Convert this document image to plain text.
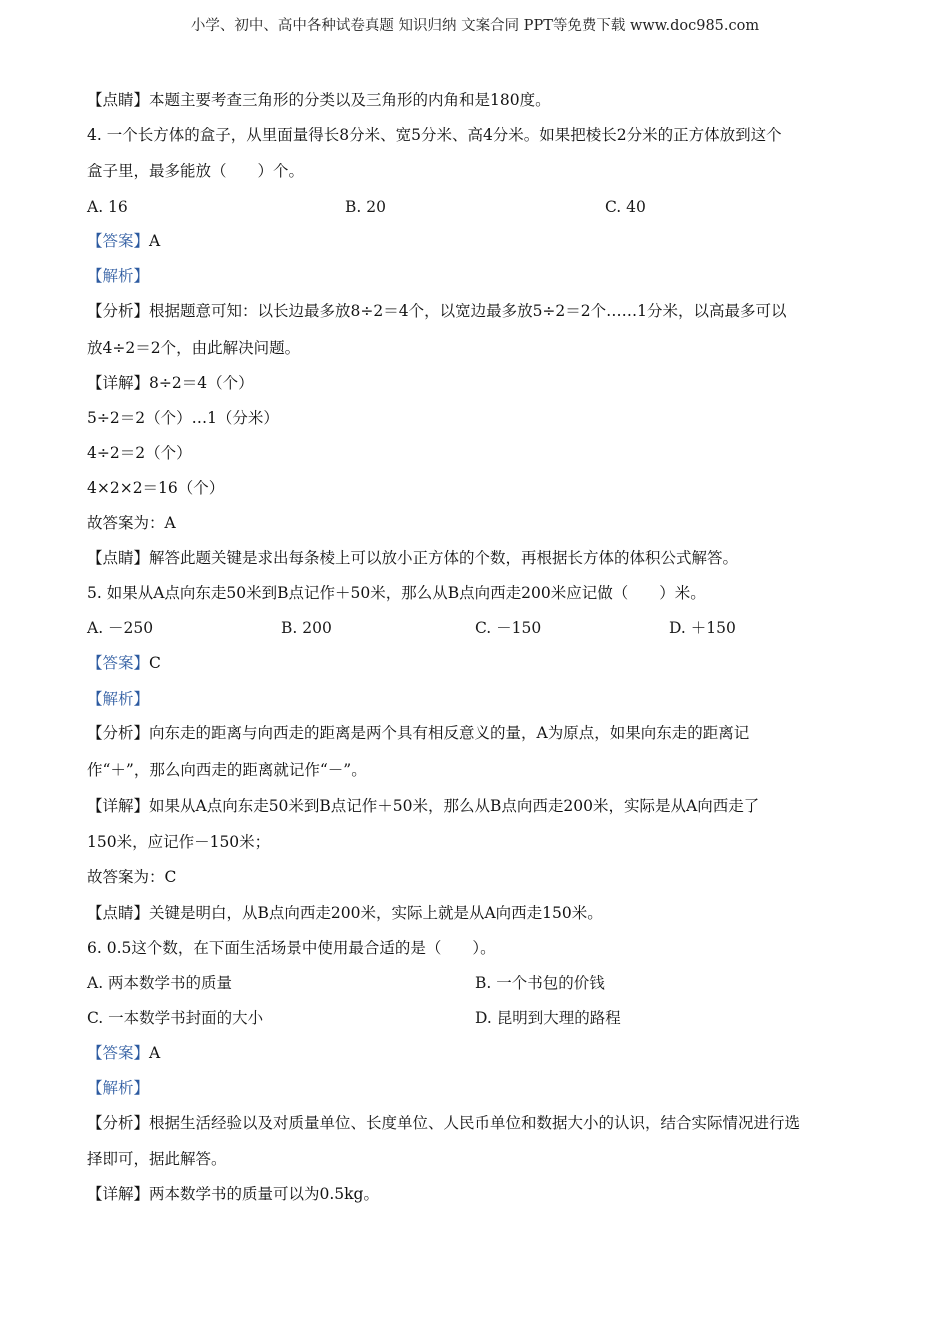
小学、初中、高中各种试卷真题 知识归纳 文案合同 PPT等免费下载 www.doc985.com
【点睛】本题主要考查三角形的分类以及三角形的内角和是180度。
4. 一个长方体的盒子，从里面量得长8分米、宽5分米、高4分米。如果把棱长2分米的正方体放到这个
盒子里，最多能放（　　）个。
A. 16	B. 20	C. 40
【答案】A
【解析】
【分析】根据题意可知：以长边最多放8÷2＝4个，以宽边最多放5÷2＝2个……1分米，以高最多可以
放4÷2＝2个，由此解决问题。
【详解】8÷2＝4（个）
5÷2＝2（个）…1（分米）
4÷2＝2（个）
4×2×2＝16（个）
故答案为：A
【点睛】解答此题关键是求出每条棱上可以放小正方体的个数，再根据长方体的体积公式解答。
5. 如果从A点向东走50米到B点记作＋50米，那么从B点向西走200米应记做（　　）米。
A. －250	B. 200	C. －150	D. ＋150
【答案】C
【解析】
【分析】向东走的距离与向西走的距离是两个具有相反意义的量，A为原点，如果向东走的距离记
作“＋”，那么向西走的距离就记作“－”。
【详解】如果从A点向东走50米到B点记作＋50米，那么从B点向西走200米，实际是从A向西走了
150米，应记作－150米；
故答案为：C
【点睛】关键是明白，从B点向西走200米，实际上就是从A向西走150米。
6. 0.5这个数，在下面生活场景中使用最合适的是（　　）。
A. 两本数学书的质量	B. 一个书包的价钱
C. 一本数学书封面的大小	D. 昆明到大理的路程
【答案】A
【解析】
【分析】根据生活经验以及对质量单位、长度单位、人民币单位和数据大小的认识，结合实际情况进行选
择即可，据此解答。
【详解】两本数学书的质量可以为0.5kg。
